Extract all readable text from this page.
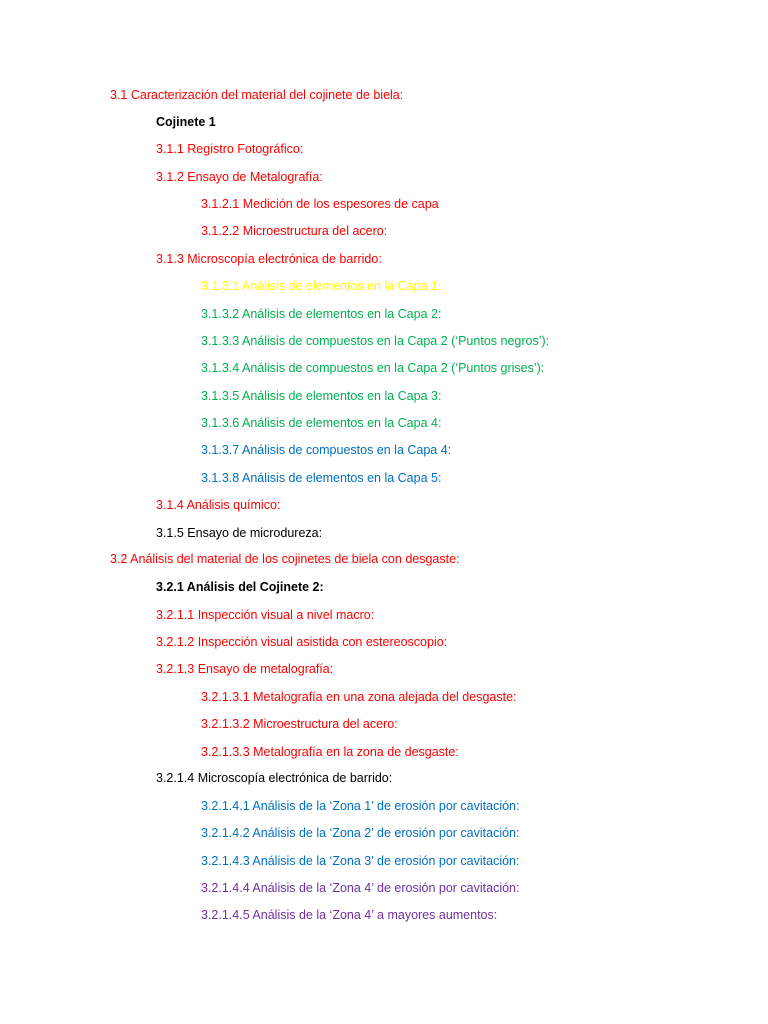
3.1 Caracterización del material del cojinete de biela:
Cojinete 1
3.1.1 Registro Fotográfico:
3.1.2 Ensayo de Metalografía:
3.1.2.1 Medición de los espesores de capa
3.1.2.2 Microestructura del acero:
3.1.3 Microscopía electrónica de barrido:
3.1.3.1 Análisis de elementos en la Capa 1:
3.1.3.2 Análisis de elementos en la Capa 2:
3.1.3.3 Análisis de compuestos en la Capa 2 (‘Puntos negros’):
3.1.3.4 Análisis de compuestos en la Capa 2 (‘Puntos grises’):
3.1.3.5 Análisis de elementos en la Capa 3:
3.1.3.6 Análisis de elementos en la Capa 4:
3.1.3.7 Análisis de compuestos en la Capa 4:
3.1.3.8 Análisis de elementos en la Capa 5:
3.1.4 Análisis químico:
3.1.5 Ensayo de microdureza:
3.2 Análisis del material de los cojinetes de biela con desgaste:
3.2.1 Análisis del Cojinete 2:
3.2.1.1 Inspección visual a nivel macro:
3.2.1.2 Inspección visual asistida con estereoscopio:
3.2.1.3 Ensayo de metalografía:
3.2.1.3.1 Metalografía en una zona alejada del desgaste:
3.2.1.3.2 Microestructura del acero:
3.2.1.3.3 Metalografía en la zona de desgaste:
3.2.1.4 Microscopía electrónica de barrido:
3.2.1.4.1 Análisis de la ‘Zona 1’ de erosión por cavitación:
3.2.1.4.2 Análisis de la ‘Zona 2’ de erosión por cavitación:
3.2.1.4.3 Análisis de la ‘Zona 3’ de erosión por cavitación:
3.2.1.4.4 Análisis de la ‘Zona 4’ de erosión por cavitación:
3.2.1.4.5 Análisis de la ‘Zona 4’ a mayores aumentos:
